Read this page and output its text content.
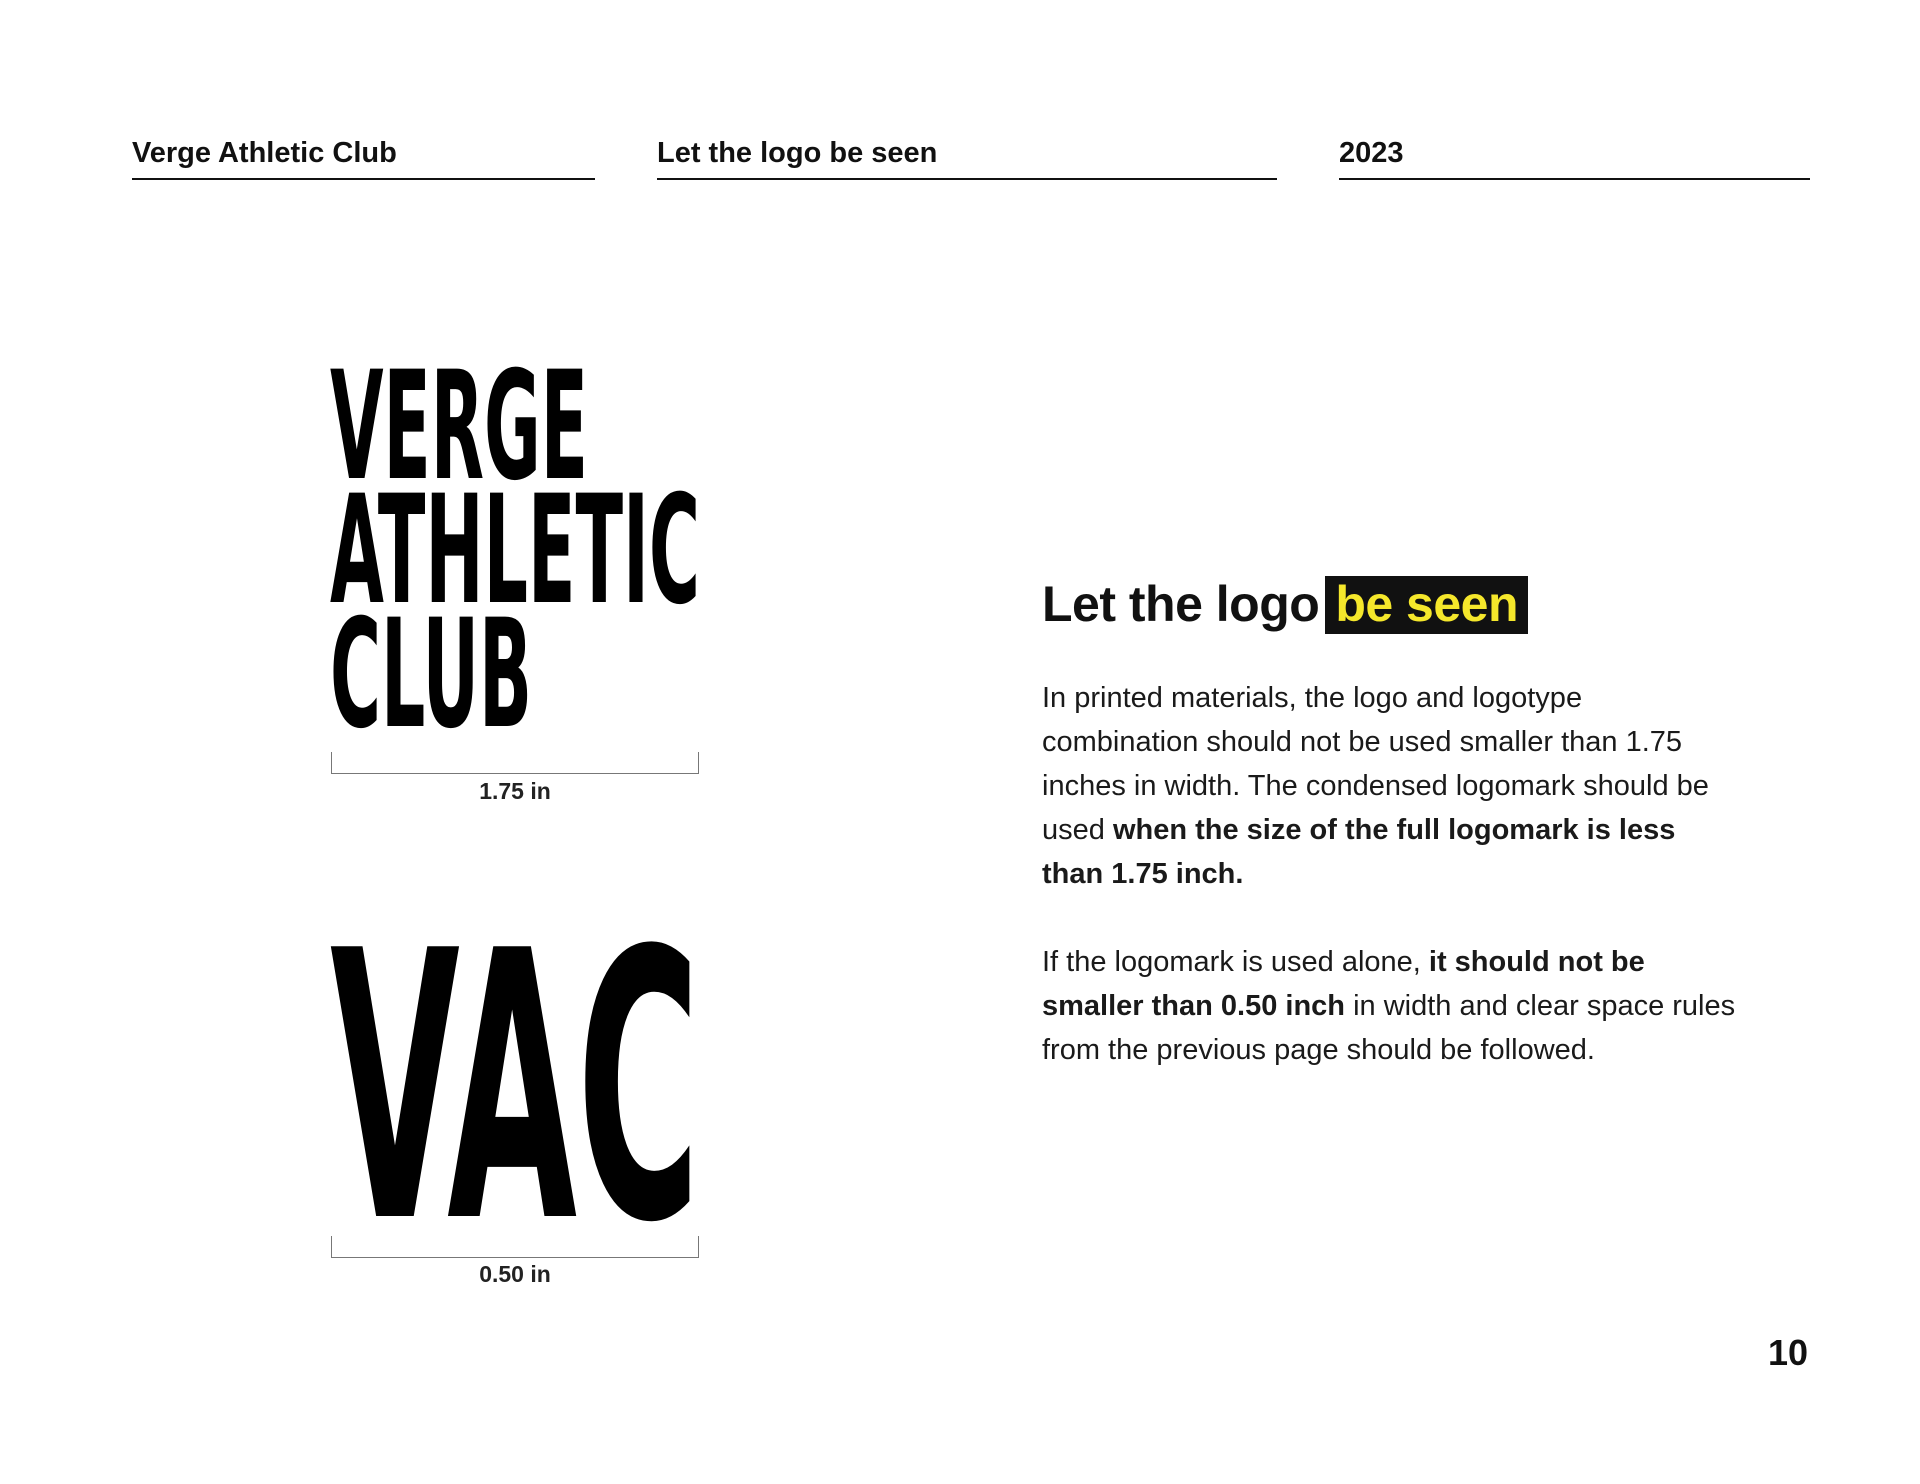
Verge Athletic Club	Let the logo be seen	2023
VERGE
ATHLETIC
CLUB
1.75 in
VAC
0.50 in
Let the logo be seen
In printed materials, the logo and logotype combination should not be used smaller than 1.75 inches in width. The condensed logomark should be used when the size of the full logomark is less than 1.75 inch.
If the logomark is used alone, it should not be smaller than 0.50 inch in width and clear space rules from the previous page should be followed.
10
